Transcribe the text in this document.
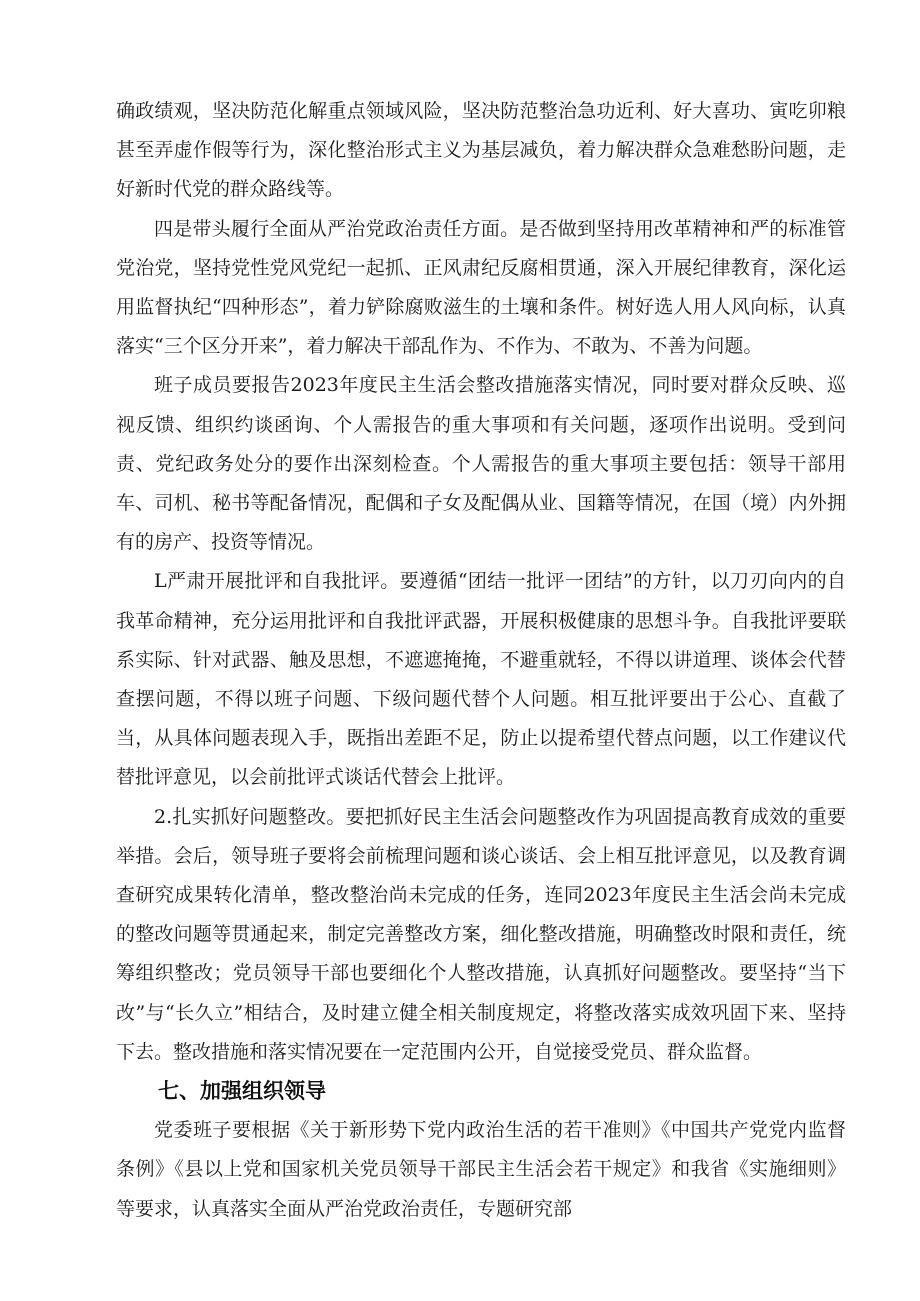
确政绩观，坚决防范化解重点领域风险，坚决防范整治急功近利、好大喜功、寅吃卯粮甚至弄虚作假等行为，深化整治形式主义为基层减负，着力解决群众急难愁盼问题，走好新时代党的群众路线等。

四是带头履行全面从严治党政治责任方面。是否做到坚持用改革精神和严的标准管党治党，坚持党性党风党纪一起抓、正风肃纪反腐相贯通，深入开展纪律教育，深化运用监督执纪“四种形态”，着力铲除腐败滋生的土壤和条件。树好选人用人风向标，认真落实“三个区分开来”，着力解决干部乱作为、不作为、不敢为、不善为问题。

班子成员要报告2023年度民主生活会整改措施落实情况，同时要对群众反映、巡视反馈、组织约谈函询、个人需报告的重大事项和有关问题，逐项作出说明。受到问责、党纪政务处分的要作出深刻检查。个人需报告的重大事项主要包括：领导干部用车、司机、秘书等配备情况，配偶和子女及配偶从业、国籍等情况，在国（境）内外拥有的房产、投资等情况。

L严肃开展批评和自我批评。要遵循“团结一批评一团结”的方针，以刀刃向内的自我革命精神，充分运用批评和自我批评武器，开展积极健康的思想斗争。自我批评要联系实际、针对武器、触及思想，不遮遮掩掩，不避重就轻，不得以讲道理、谈体会代替查摆问题，不得以班子问题、下级问题代替个人问题。相互批评要出于公心、直截了当，从具体问题表现入手，既指出差距不足，防止以提希望代替点问题，以工作建议代替批评意见，以会前批评式谈话代替会上批评。

2.扎实抓好问题整改。要把抓好民主生活会问题整改作为巩固提高教育成效的重要举措。会后，领导班子要将会前梳理问题和谈心谈话、会上相互批评意见，以及教育调查研究成果转化清单，整改整治尚未完成的任务，连同2023年度民主生活会尚未完成的整改问题等贯通起来，制定完善整改方案，细化整改措施，明确整改时限和责任，统筹组织整改；党员领导干部也要细化个人整改措施，认真抓好问题整改。要坚持“当下改”与“长久立”相结合，及时建立健全相关制度规定，将整改落实成效巩固下来、坚持下去。整改措施和落实情况要在一定范围内公开，自觉接受党员、群众监督。

七、加强组织领导

党委班子要根据《关于新形势下党内政治生活的若干准则》《中国共产党党内监督条例》《县以上党和国家机关党员领导干部民主生活会若干规定》和我省《实施细则》等要求，认真落实全面从严治党政治责任，专题研究部
